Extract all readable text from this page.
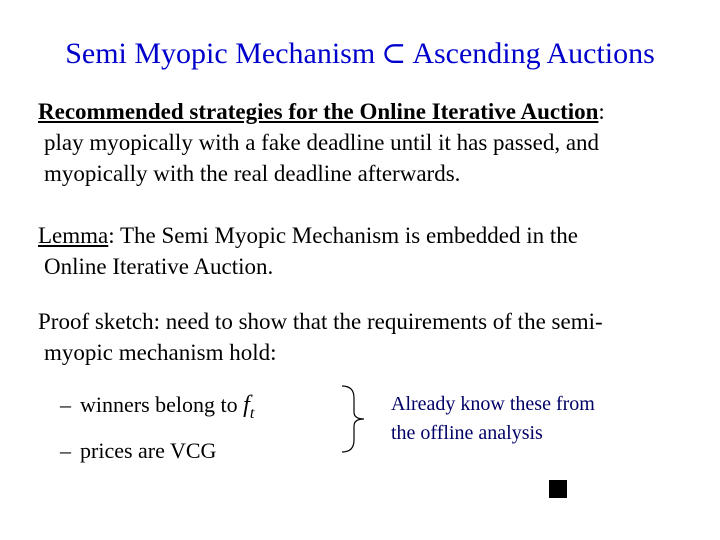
Semi Myopic Mechanism ⊂ Ascending Auctions
Recommended strategies for the Online Iterative Auction:
play myopically with a fake deadline until it has passed, and
myopically with the real deadline afterwards.
Lemma: The Semi Myopic Mechanism is embedded in the
Online Iterative Auction.
Proof sketch: need to show that the requirements of the semi-
myopic mechanism hold:
– winners belong to $f_t$
– prices are VCG
Already know these from
the offline analysis
